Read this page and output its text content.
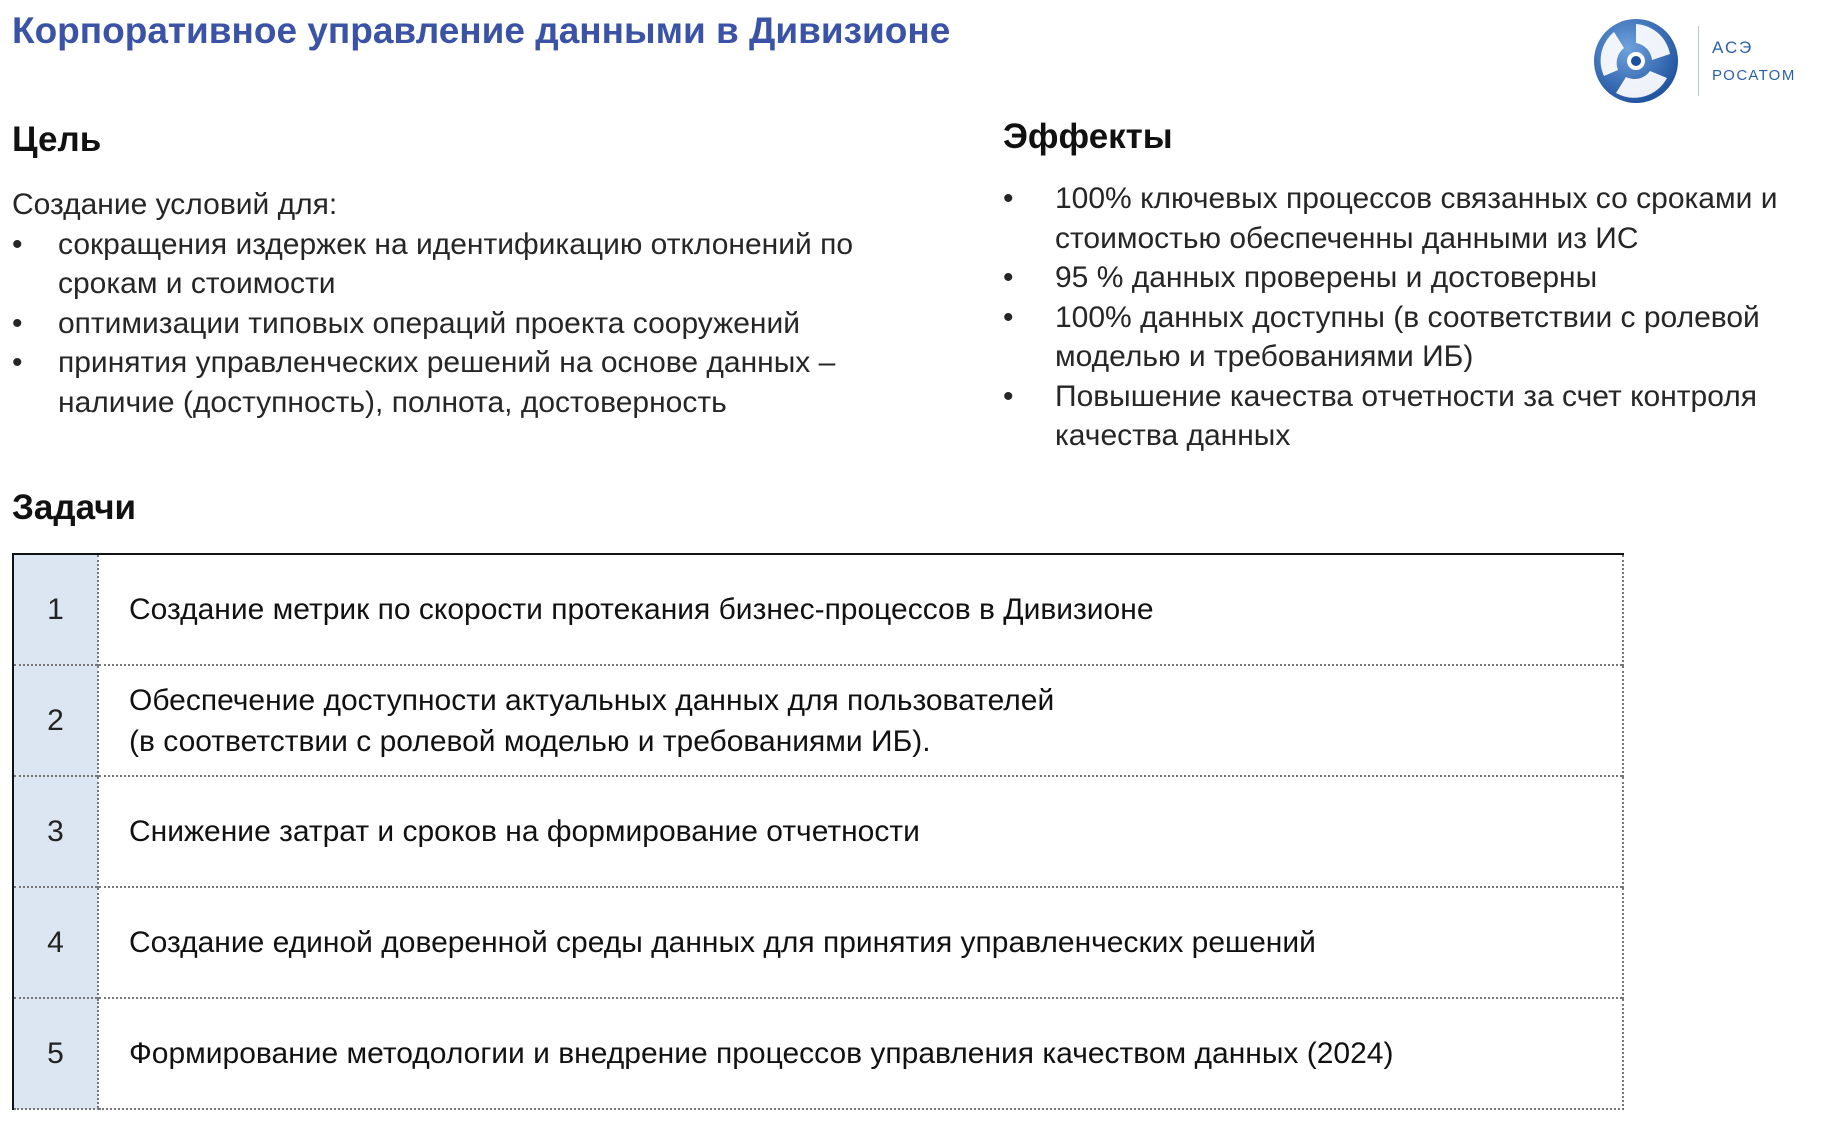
Корпоративное управление данными в Дивизионе	АСЭ
РОСАТОМ
Цель

Создание условий для:

• сокращения издержек на идентификацию отклонений по срокам и стоимости
• оптимизации типовых операций проекта сооружений
• принятия управленческих решений на основе данных – наличие (доступность), полнота, достоверность
Эффекты
• 100% ключевых процессов связанных со сроками и стоимостью обеспеченны данными из ИС
• 95 % данных проверены и достоверны
• 100% данных доступны (в соответствии с ролевой моделью и требованиями ИБ)
• Повышение качества отчетности за счет контроля качества данных
Задачи
1	Создание метрик по скорости протекания бизнес-процессов в Дивизионе

2	Обеспечение доступности актуальных данных для пользователей
(в соответствии с ролевой моделью и требованиями ИБ).

3	Снижение затрат и сроков на формирование отчетности

4	Создание единой доверенной среды данных для принятия управленческих решений

5	Формирование методологии и внедрение процессов управления качеством данных (2024)
